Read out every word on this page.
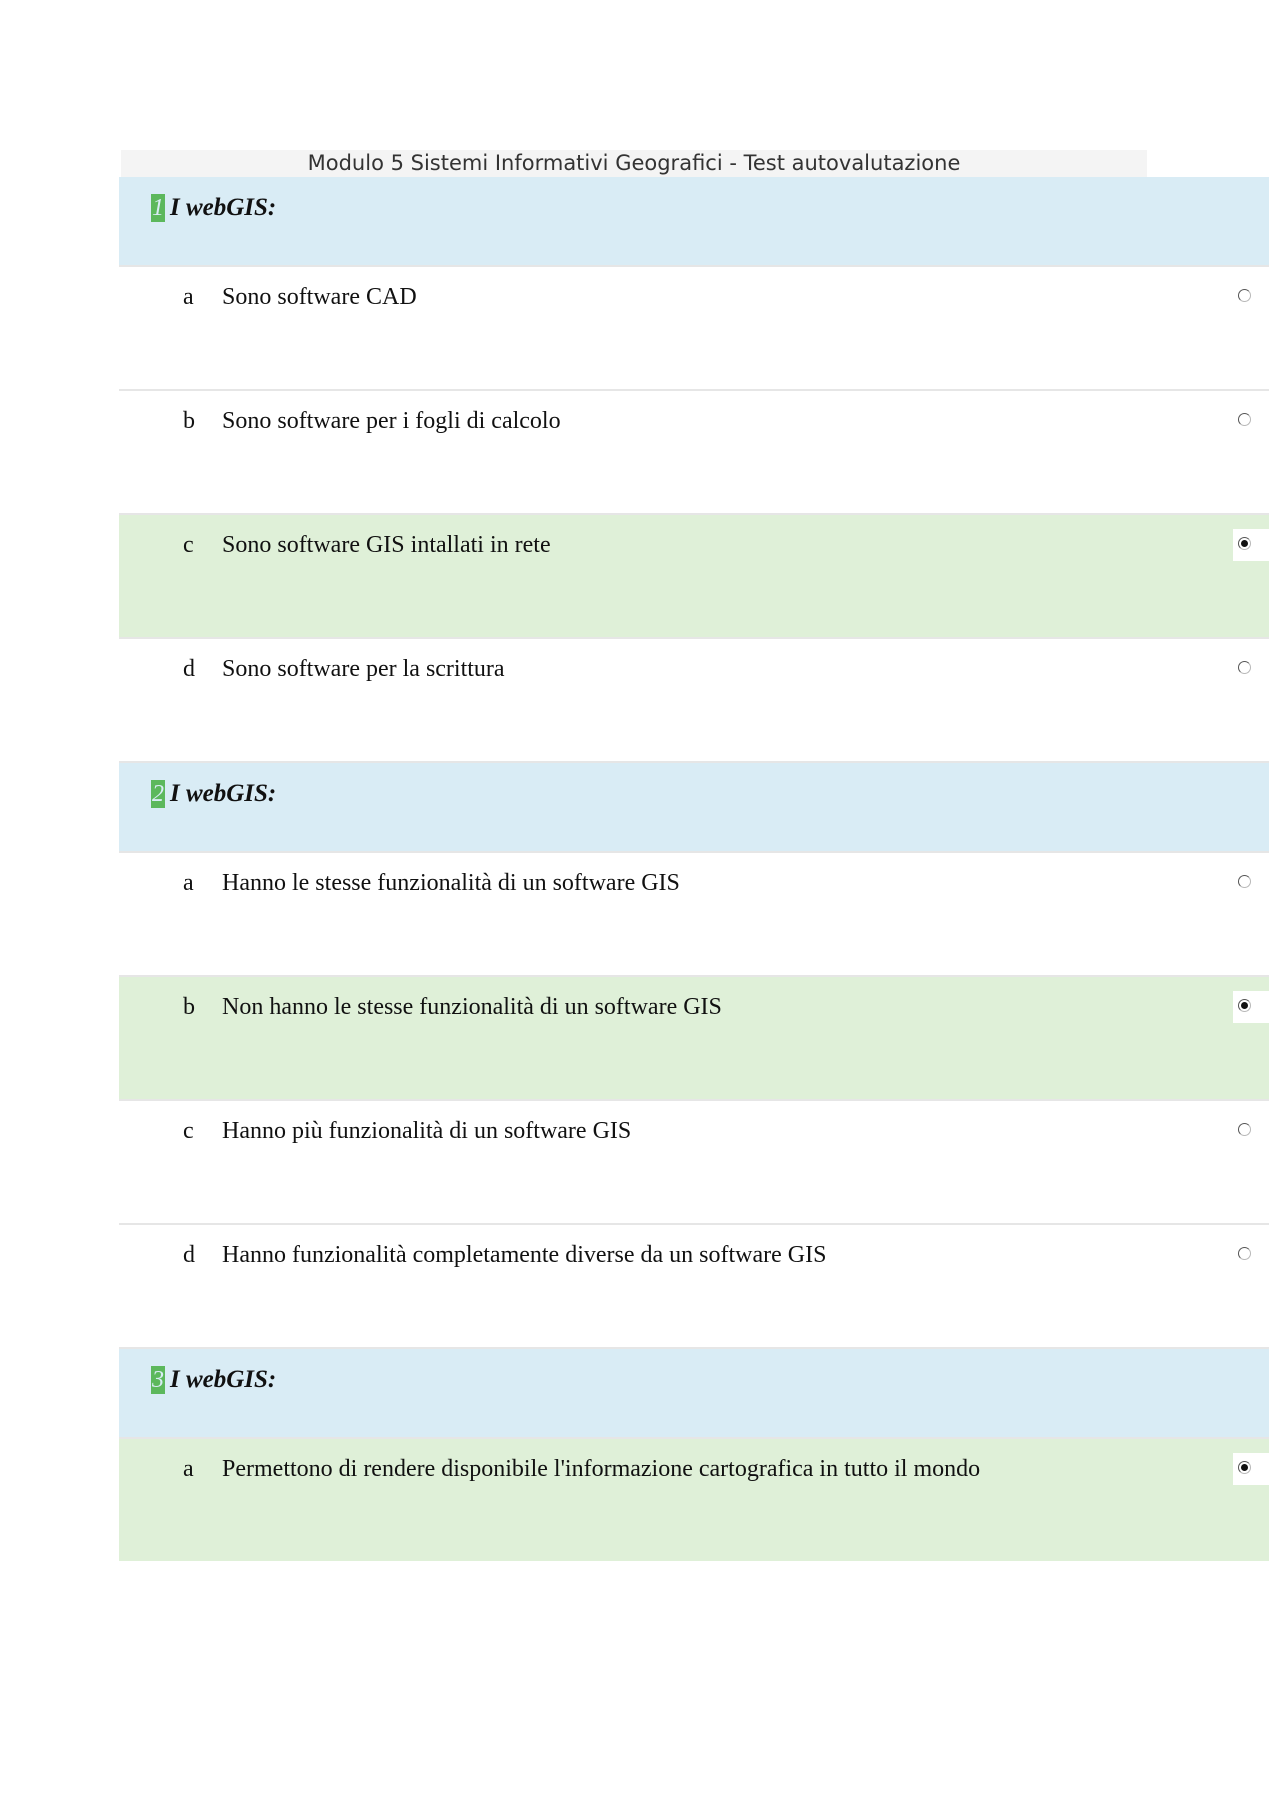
Modulo 5 Sistemi Informativi Geografici - Test autovalutazione
1 I webGIS:
a Sono software CAD
b Sono software per i fogli di calcolo
c Sono software GIS intallati in rete
d Sono software per la scrittura
2 I webGIS:
a Hanno le stesse funzionalità di un software GIS
b Non hanno le stesse funzionalità di un software GIS
c Hanno più funzionalità di un software GIS
d Hanno funzionalità completamente diverse da un software GIS
3 I webGIS:
a Permettono di rendere disponibile l'informazione cartografica in tutto il mondo
